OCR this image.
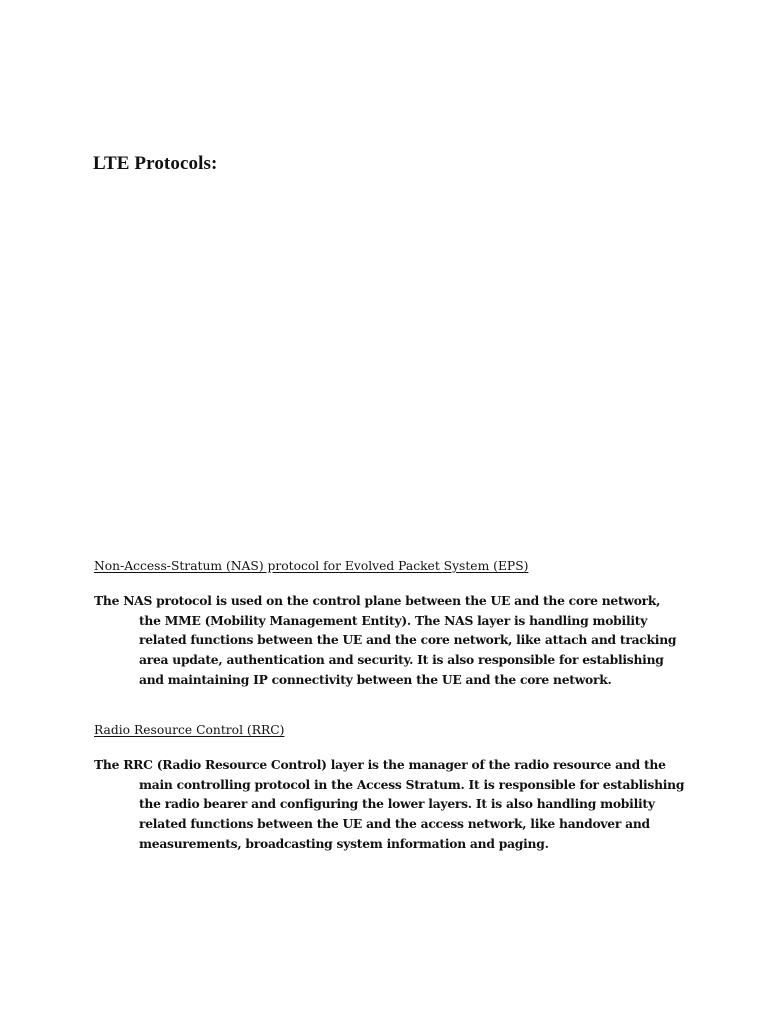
LTE Protocols:
Non-Access-Stratum (NAS) protocol for Evolved Packet System (EPS)

The NAS protocol is used on the control plane between the UE and the core network,
the MME (Mobility Management Entity). The NAS layer is handling mobility
related functions between the UE and the core network, like attach and tracking
area update, authentication and security. It is also responsible for establishing
and maintaining IP connectivity between the UE and the core network.

Radio Resource Control (RRC)

The RRC (Radio Resource Control) layer is the manager of the radio resource and the
main controlling protocol in the Access Stratum. It is responsible for establishing
the radio bearer and configuring the lower layers. It is also handling mobility
related functions between the UE and the access network, like handover and
measurements, broadcasting system information and paging.
